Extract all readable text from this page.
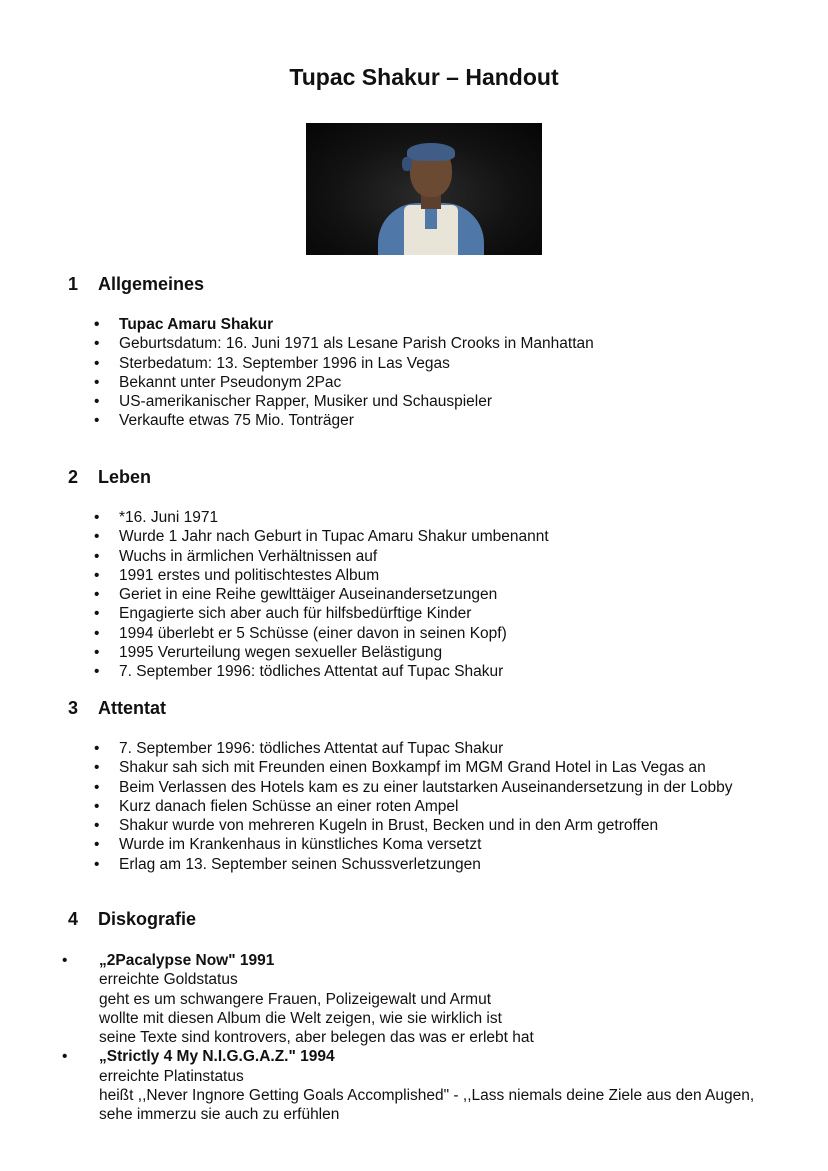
Tupac Shakur – Handout
1 Allgemeines
• Tupac Amaru Shakur
• Geburtsdatum: 16. Juni 1971 als Lesane Parish Crooks in Manhattan
• Sterbedatum: 13. September 1996 in Las Vegas
• Bekannt unter Pseudonym 2Pac
• US-amerikanischer Rapper, Musiker und Schauspieler
• Verkaufte etwas 75 Mio. Tonträger
2 Leben
• *16. Juni 1971
• Wurde 1 Jahr nach Geburt in Tupac Amaru Shakur umbenannt
• Wuchs in ärmlichen Verhältnissen auf
• 1991 erstes und politischtestes Album
• Geriet in eine Reihe gewlttäiger Auseinandersetzungen
• Engagierte sich aber auch für hilfsbedürftige Kinder
• 1994 überlebt er 5 Schüsse (einer davon in seinen Kopf)
• 1995 Verurteilung wegen sexueller Belästigung
• 7. September 1996: tödliches Attentat auf Tupac Shakur
3 Attentat
• 7. September 1996: tödliches Attentat auf Tupac Shakur
• Shakur sah sich mit Freunden einen Boxkampf im MGM Grand Hotel in Las Vegas an
• Beim Verlassen des Hotels kam es zu einer lautstarken Auseinandersetzung in der Lobby
• Kurz danach fielen Schüsse an einer roten Ampel
• Shakur wurde von mehreren Kugeln in Brust, Becken und in den Arm getroffen
• Wurde im Krankenhaus in künstliches Koma versetzt
• Erlag am 13. September seinen Schussverletzungen
4 Diskografie
• „2Pacalypse Now" 1991
erreichte Goldstatus
geht es um schwangere Frauen, Polizeigewalt und Armut
wollte mit diesen Album die Welt zeigen, wie sie wirklich ist
seine Texte sind kontrovers, aber belegen das was er erlebt hat
• „Strictly 4 My N.I.G.G.A.Z." 1994
erreichte Platinstatus
heißt ,,Never Ingnore Getting Goals Accomplished" - ,,Lass niemals deine Ziele aus den Augen, sehe immerzu sie auch zu erfühlen
